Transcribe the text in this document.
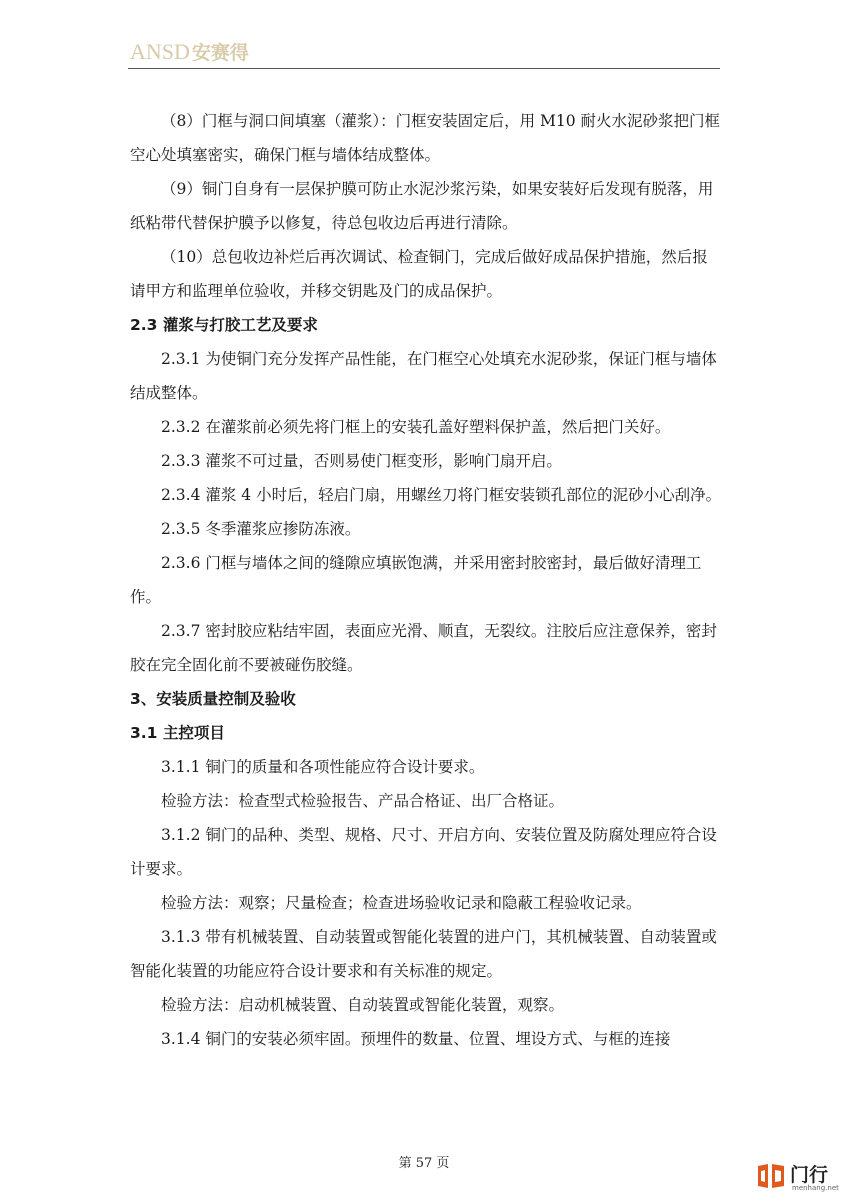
ANSD 安赛得

（8）门框与洞口间填塞（灌浆）：门框安装固定后，用 M10 耐火水泥砂浆把门框空心处填塞密实，确保门框与墙体结成整体。

（9）铜门自身有一层保护膜可防止水泥沙浆污染，如果安装好后发现有脱落，用纸粘带代替保护膜予以修复，待总包收边后再进行清除。

（10）总包收边补烂后再次调试、检查铜门，完成后做好成品保护措施，然后报请甲方和监理单位验收，并移交钥匙及门的成品保护。

2.3 灌浆与打胶工艺及要求

2.3.1 为使铜门充分发挥产品性能，在门框空心处填充水泥砂浆，保证门框与墙体结成整体。

2.3.2 在灌浆前必须先将门框上的安装孔盖好塑料保护盖，然后把门关好。

2.3.3 灌浆不可过量，否则易使门框变形，影响门扇开启。

2.3.4 灌浆 4 小时后，轻启门扇，用螺丝刀将门框安装锁孔部位的泥砂小心刮净。

2.3.5 冬季灌浆应掺防冻液。

2.3.6 门框与墙体之间的缝隙应填嵌饱满，并采用密封胶密封，最后做好清理工作。

2.3.7 密封胶应粘结牢固，表面应光滑、顺直，无裂纹。注胶后应注意保养，密封胶在完全固化前不要被碰伤胶缝。

3、安装质量控制及验收

3.1 主控项目

3.1.1 铜门的质量和各项性能应符合设计要求。

检验方法：检查型式检验报告、产品合格证、出厂合格证。

3.1.2 铜门的品种、类型、规格、尺寸、开启方向、安装位置及防腐处理应符合设计要求。

检验方法：观察；尺量检查；检查进场验收记录和隐蔽工程验收记录。

3.1.3 带有机械装置、自动装置或智能化装置的进户门，其机械装置、自动装置或智能化装置的功能应符合设计要求和有关标准的规定。

检验方法：启动机械装置、自动装置或智能化装置，观察。

3.1.4 铜门的安装必须牢固。预埋件的数量、位置、埋设方式、与框的连接

第 57 页
门行
menhang.net
